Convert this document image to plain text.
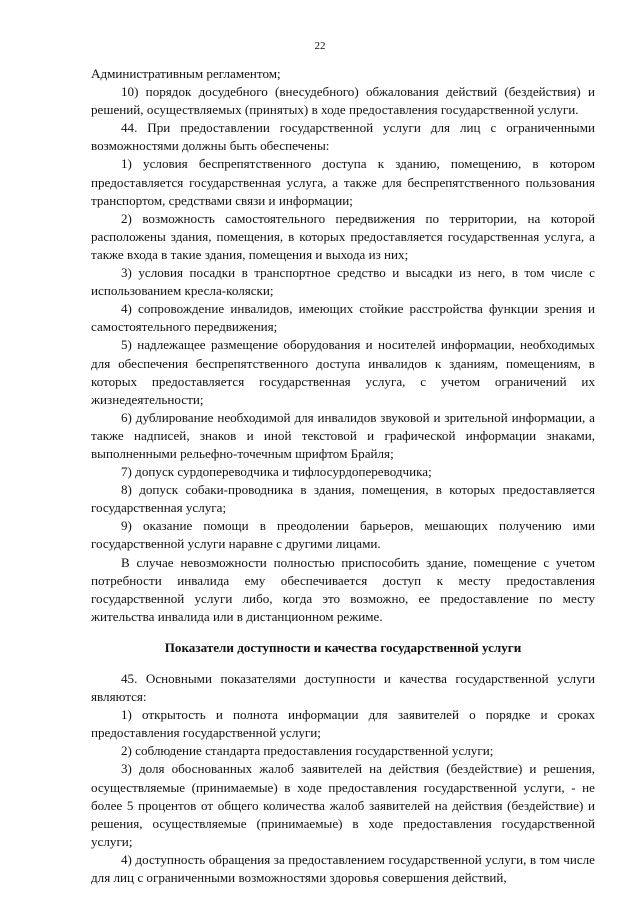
22

Административным регламентом;

10) порядок досудебного (внесудебного) обжалования действий (бездействия) и решений, осуществляемых (принятых) в ходе предоставления государственной услуги.

44. При предоставлении государственной услуги для лиц с ограниченными возможностями должны быть обеспечены:

1) условия беспрепятственного доступа к зданию, помещению, в котором предоставляется государственная услуга, а также для беспрепятственного пользования транспортом, средствами связи и информации;

2) возможность самостоятельного передвижения по территории, на которой расположены здания, помещения, в которых предоставляется государственная услуга, а также входа в такие здания, помещения и выхода из них;

3) условия посадки в транспортное средство и высадки из него, в том числе с использованием кресла-коляски;

4) сопровождение инвалидов, имеющих стойкие расстройства функции зрения и самостоятельного передвижения;

5) надлежащее размещение оборудования и носителей информации, необходимых для обеспечения беспрепятственного доступа инвалидов к зданиям, помещениям, в которых предоставляется государственная услуга, с учетом ограничений их жизнедеятельности;

6) дублирование необходимой для инвалидов звуковой и зрительной информации, а также надписей, знаков и иной текстовой и графической информации знаками, выполненными рельефно-точечным шрифтом Брайля;

7) допуск сурдопереводчика и тифлосурдопереводчика;

8) допуск собаки-проводника в здания, помещения, в которых предоставляется государственная услуга;

9) оказание помощи в преодолении барьеров, мешающих получению ими государственной услуги наравне с другими лицами.

В случае невозможности полностью приспособить здание, помещение с учетом потребности инвалида ему обеспечивается доступ к месту предоставления государственной услуги либо, когда это возможно, ее предоставление по месту жительства инвалида или в дистанционном режиме.

Показатели доступности и качества государственной услуги

45. Основными показателями доступности и качества государственной услуги являются:

1) открытость и полнота информации для заявителей о порядке и сроках предоставления государственной услуги;

2) соблюдение стандарта предоставления государственной услуги;

3) доля обоснованных жалоб заявителей на действия (бездействие) и решения, осуществляемые (принимаемые) в ходе предоставления государственной услуги, - не более 5 процентов от общего количества жалоб заявителей на действия (бездействие) и решения, осуществляемые (принимаемые) в ходе предоставления государственной услуги;

4) доступность обращения за предоставлением государственной услуги, в том числе для лиц с ограниченными возможностями здоровья совершения действий,
